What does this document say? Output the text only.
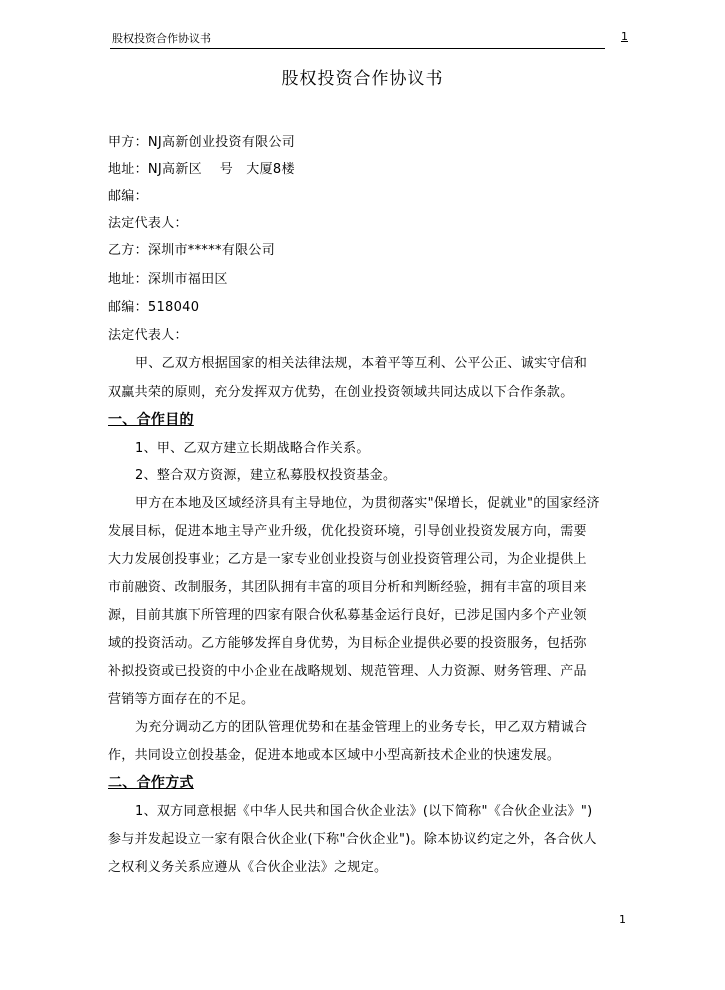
股权投资合作协议书	1
股权投资合作协议书
甲方：NJ高新创业投资有限公司
地址：NJ高新区　 号　大厦8楼
邮编：
法定代表人：
乙方：深圳市*****有限公司
地址：深圳市福田区
邮编：518040
法定代表人：
甲、乙双方根据国家的相关法律法规，本着平等互利、公平公正、诚实守信和
双赢共荣的原则，充分发挥双方优势，在创业投资领域共同达成以下合作条款。
一、合作目的
1、甲、乙双方建立长期战略合作关系。
2、整合双方资源，建立私募股权投资基金。
甲方在本地及区域经济具有主导地位，为贯彻落实"保增长，促就业"的国家经济
发展目标，促进本地主导产业升级，优化投资环境，引导创业投资发展方向，需要
大力发展创投事业；乙方是一家专业创业投资与创业投资管理公司，为企业提供上
市前融资、改制服务，其团队拥有丰富的项目分析和判断经验，拥有丰富的项目来
源，目前其旗下所管理的四家有限合伙私募基金运行良好，已涉足国内多个产业领
域的投资活动。乙方能够发挥自身优势，为目标企业提供必要的投资服务，包括弥
补拟投资或已投资的中小企业在战略规划、规范管理、人力资源、财务管理、产品
营销等方面存在的不足。
为充分调动乙方的团队管理优势和在基金管理上的业务专长，甲乙双方精诚合
作，共同设立创投基金，促进本地或本区域中小型高新技术企业的快速发展。
二、合作方式
1、双方同意根据《中华人民共和国合伙企业法》(以下简称"《合伙企业法》")
参与并发起设立一家有限合伙企业(下称"合伙企业")。除本协议约定之外，各合伙人
之权利义务关系应遵从《合伙企业法》之规定。
1
